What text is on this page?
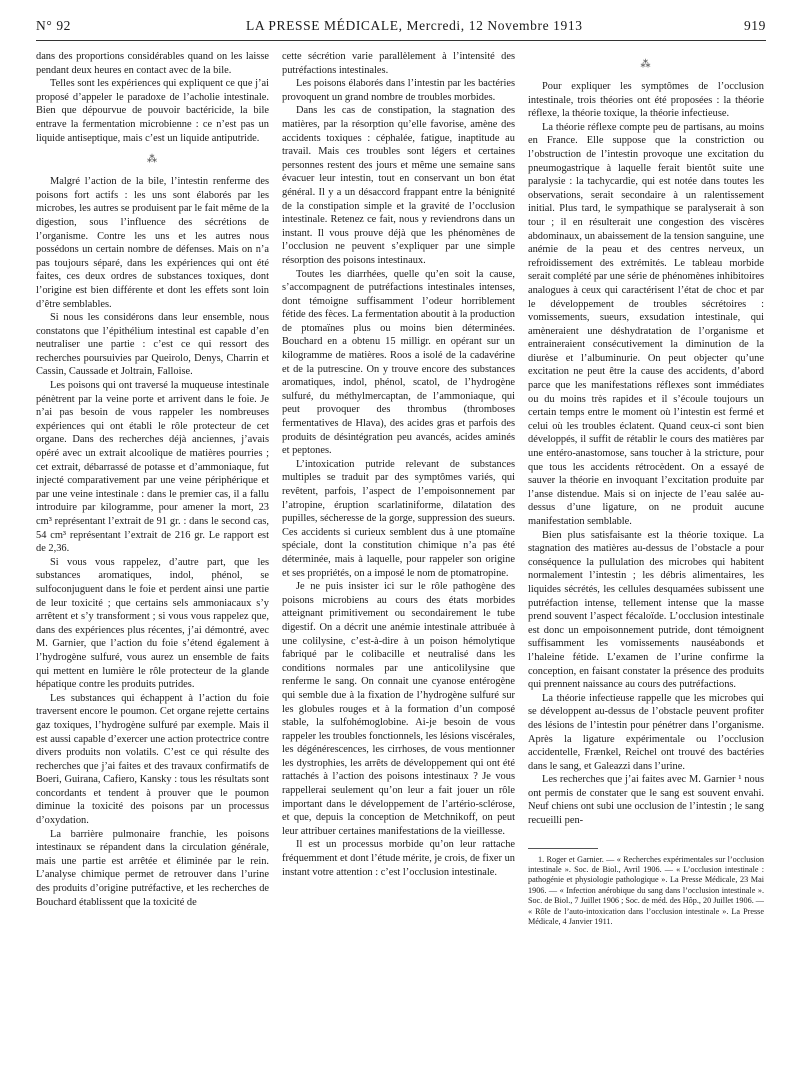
N° 92	LA PRESSE MÉDICALE, Mercredi, 12 Novembre 1913	919

dans des proportions considérables quand on les laisse pendant deux heures en contact avec de la bile.

Telles sont les expériences qui expliquent ce que j’ai proposé d’appeler le paradoxe de l’acholie intestinale. Bien que dépourvue de pouvoir bactéricide, la bile entrave la fermentation microbienne : ce n’est pas un liquide antiseptique, mais c’est un liquide antiputride.

⁂

Malgré l’action de la bile, l’intestin renferme des poisons fort actifs : les uns sont élaborés par les microbes, les autres se produisent par le fait même de la digestion, sous l’influence des sécrétions de l’organisme. Contre les uns et les autres nous possédons un certain nombre de défenses. Mais on n’a pas toujours séparé, dans les expériences qui ont été faites, ces deux ordres de substances toxiques, dont l’origine est bien différente et dont les effets sont loin d’être semblables.

Si nous les considérons dans leur ensemble, nous constatons que l’épithélium intestinal est capable d’en neutraliser une partie : c’est ce qui ressort des recherches poursuivies par Queirolo, Denys, Charrin et Cassin, Caussade et Joltrain, Falloise.

Les poisons qui ont traversé la muqueuse intestinale pénètrent par la veine porte et arrivent dans le foie. Je n’ai pas besoin de vous rappeler les nombreuses expériences qui ont établi le rôle protecteur de cet organe. Dans des recherches déjà anciennes, j’avais opéré avec un extrait alcoolique de matières pourries ; cet extrait, débarrassé de potasse et d’ammoniaque, fut injecté comparativement par une veine périphérique et par une veine intestinale : dans le premier cas, il a fallu introduire par kilogramme, pour amener la mort, 23 cm³ représentant l’extrait de 91 gr. : dans le second cas, 54 cm³ représentant l’extrait de 216 gr. Le rapport est de 2,36.

Si vous vous rappelez, d’autre part, que les substances aromatiques, indol, phénol, se sulfoconjuguent dans le foie et perdent ainsi une partie de leur toxicité ; que certains sels ammoniacaux s’y arrêtent et s’y transforment ; si vous vous rappelez que, dans des expériences plus récentes, j’ai démontré, avec M. Garnier, que l’action du foie s’étend également à l’hydrogène sulfuré, vous aurez un ensemble de faits qui mettent en lumière le rôle protecteur de la glande hépatique contre les produits putrides.

Les substances qui échappent à l’action du foie traversent encore le poumon. Cet organe rejette certains gaz toxiques, l’hydrogène sulfuré par exemple. Mais il est aussi capable d’exercer une action protectrice contre divers produits non volatils. C’est ce qui résulte des recherches que j’ai faites et des travaux confirmatifs de Boeri, Guirana, Cafiero, Kansky : tous les résultats sont concordants et tendent à prouver que le poumon diminue la toxicité des poisons par un processus d’oxydation.

La barrière pulmonaire franchie, les poisons intestinaux se répandent dans la circulation générale, mais une partie est arrêtée et éliminée par le rein. L’analyse chimique permet de retrouver dans l’urine des produits d’origine putréfactive, et les recherches de Bouchard établissent que la toxicité de

cette sécrétion varie parallèlement à l’intensité des putréfactions intestinales.

Les poisons élaborés dans l’intestin par les bactéries provoquent un grand nombre de troubles morbides.

Dans les cas de constipation, la stagnation des matières, par la résorption qu’elle favorise, amène des accidents toxiques : céphalée, fatigue, inaptitude au travail. Mais ces troubles sont légers et certaines personnes restent des jours et même une semaine sans évacuer leur intestin, tout en conservant un bon état général. Il y a un désaccord frappant entre la bénignité de la constipation simple et la gravité de l’occlusion intestinale. Retenez ce fait, nous y reviendrons dans un instant. Il vous prouve déjà que les phénomènes de l’occlusion ne peuvent s’expliquer par une simple résorption des poisons intestinaux.

Toutes les diarrhées, quelle qu’en soit la cause, s’accompagnent de putréfactions intestinales intenses, dont témoigne suffisamment l’odeur horriblement fétide des fèces. La fermentation aboutit à la production de ptomaïnes plus ou moins bien déterminées. Bouchard en a obtenu 15 milligr. en opérant sur un kilogramme de matières. Roos a isolé de la cadavérine et de la putrescine. On y trouve encore des substances aromatiques, indol, phénol, scatol, de l’hydrogène sulfuré, du méthylmercaptan, de l’ammoniaque, qui peut provoquer des thrombus (thromboses fermentatives de Hlava), des acides gras et parfois des produits de désintégration peu avancés, acides aminés et peptones.

L’intoxication putride relevant de substances multiples se traduit par des symptômes variés, qui revêtent, parfois, l’aspect de l’empoisonnement par l’atropine, éruption scarlatiniforme, dilatation des pupilles, sécheresse de la gorge, suppression des sueurs. Ces accidents si curieux semblent dus à une ptomaïne spéciale, dont la constitution chimique n’a pas été déterminée, mais à laquelle, pour rappeler son origine et ses propriétés, on a imposé le nom de ptomatropine.

Je ne puis insister ici sur le rôle pathogène des poisons microbiens au cours des états morbides atteignant primitivement ou secondairement le tube digestif. On a décrit une anémie intestinale attribuée à une colilysine, c’est-à-dire à un poison hémolytique fabriqué par le colibacille et neutralisé dans les conditions normales par une anticolilysine que renferme le sang. On connait une cyanose entérogène qui semble due à la fixation de l’hydrogène sulfuré sur les globules rouges et à la formation d’un composé stable, la sulfohémoglobine. Ai-je besoin de vous rappeler les troubles fonctionnels, les lésions viscérales, les dégénérescences, les cirrhoses, de vous mentionner les dystrophies, les arrêts de développement qui ont été rattachés à l’action des poisons intestinaux ? Je vous rappellerai seulement qu’on leur a fait jouer un rôle important dans le développement de l’artério-sclérose, et que, depuis la conception de Metchnikoff, on peut leur attribuer certaines manifestations de la vieillesse.

Il est un processus morbide qu’on leur rattache fréquemment et dont l’étude mérite, je crois, de fixer un instant votre attention : c’est l’occlusion intestinale.

⁂

Pour expliquer les symptômes de l’occlusion intestinale, trois théories ont été proposées : la théorie réflexe, la théorie toxique, la théorie infectieuse.

La théorie réflexe compte peu de partisans, au moins en France. Elle suppose que la constriction ou l’obstruction de l’intestin provoque une excitation du pneumogastrique à laquelle ferait bientôt suite une paralysie : la tachycardie, qui est notée dans toutes les observations, serait secondaire à un ralentissement initial. Plus tard, le sympathique se paralyserait à son tour ; il en résulterait une congestion des viscères abdominaux, un abaissement de la tension sanguine, une anémie de la peau et des centres nerveux, un refroidissement des extrémités. Le tableau morbide serait complété par une série de phénomènes inhibitoires analogues à ceux qui caractérisent l’état de choc et par le développement de troubles sécrétoires : vomissements, sueurs, exsudation intestinale, qui amèneraient une déshydratation de l’organisme et entraineraient consécutivement la diminution de la diurèse et l’albuminurie. On peut objecter qu’une excitation ne peut être la cause des accidents, d’abord parce que les manifestations réflexes sont immédiates ou du moins très rapides et il s’écoule toujours un certain temps entre le moment où l’intestin est fermé et celui où les troubles éclatent. Quand ceux-ci sont bien développés, il suffit de rétablir le cours des matières par une entéro-anastomose, sans toucher à la stricture, pour que tous les accidents rétrocèdent. On a essayé de sauver la théorie en invoquant l’excitation produite par l’anse distendue. Mais si on injecte de l’eau salée au-dessus d’une ligature, on ne produit aucune manifestation semblable.

Bien plus satisfaisante est la théorie toxique. La stagnation des matières au-dessus de l’obstacle a pour conséquence la pullulation des microbes qui habitent normalement l’intestin ; les débris alimentaires, les liquides sécrétés, les cellules desquamées subissent une putréfaction intense, tellement intense que la masse prend souvent l’aspect fécaloïde. L’occlusion intestinale est donc un empoisonnement putride, dont témoignent suffisamment les vomissements nauséabonds et l’haleine fétide. L’examen de l’urine confirme la conception, en faisant constater la présence des produits qui prennent naissance au cours des putréfactions.

La théorie infectieuse rappelle que les microbes qui se développent au-dessus de l’obstacle peuvent profiter des lésions de l’intestin pour pénétrer dans l’organisme. Après la ligature expérimentale ou l’occlusion accidentelle, Frænkel, Reichel ont trouvé des bactéries dans le sang, et Galeazzi dans l’urine.

Les recherches que j’ai faites avec M. Garnier ¹ nous ont permis de constater que le sang est souvent envahi. Neuf chiens ont subi une occlusion de l’intestin ; le sang recueilli pen-

1. Roger et Garnier. — « Recherches expérimentales sur l’occlusion intestinale ». Soc. de Biol., Avril 1906. — « L’occlusion intestinale : pathogénie et physiologie pathologique ». La Presse Médicale, 23 Mai 1906. — « Infection anérobique du sang dans l’occlusion intestinale ». Soc. de Biol., 7 Juillet 1906 ; Soc. de méd. des Hôp., 20 Juillet 1906. — « Rôle de l’auto-intoxication dans l’occlusion intestinale ». La Presse Médicale, 4 Janvier 1911.
